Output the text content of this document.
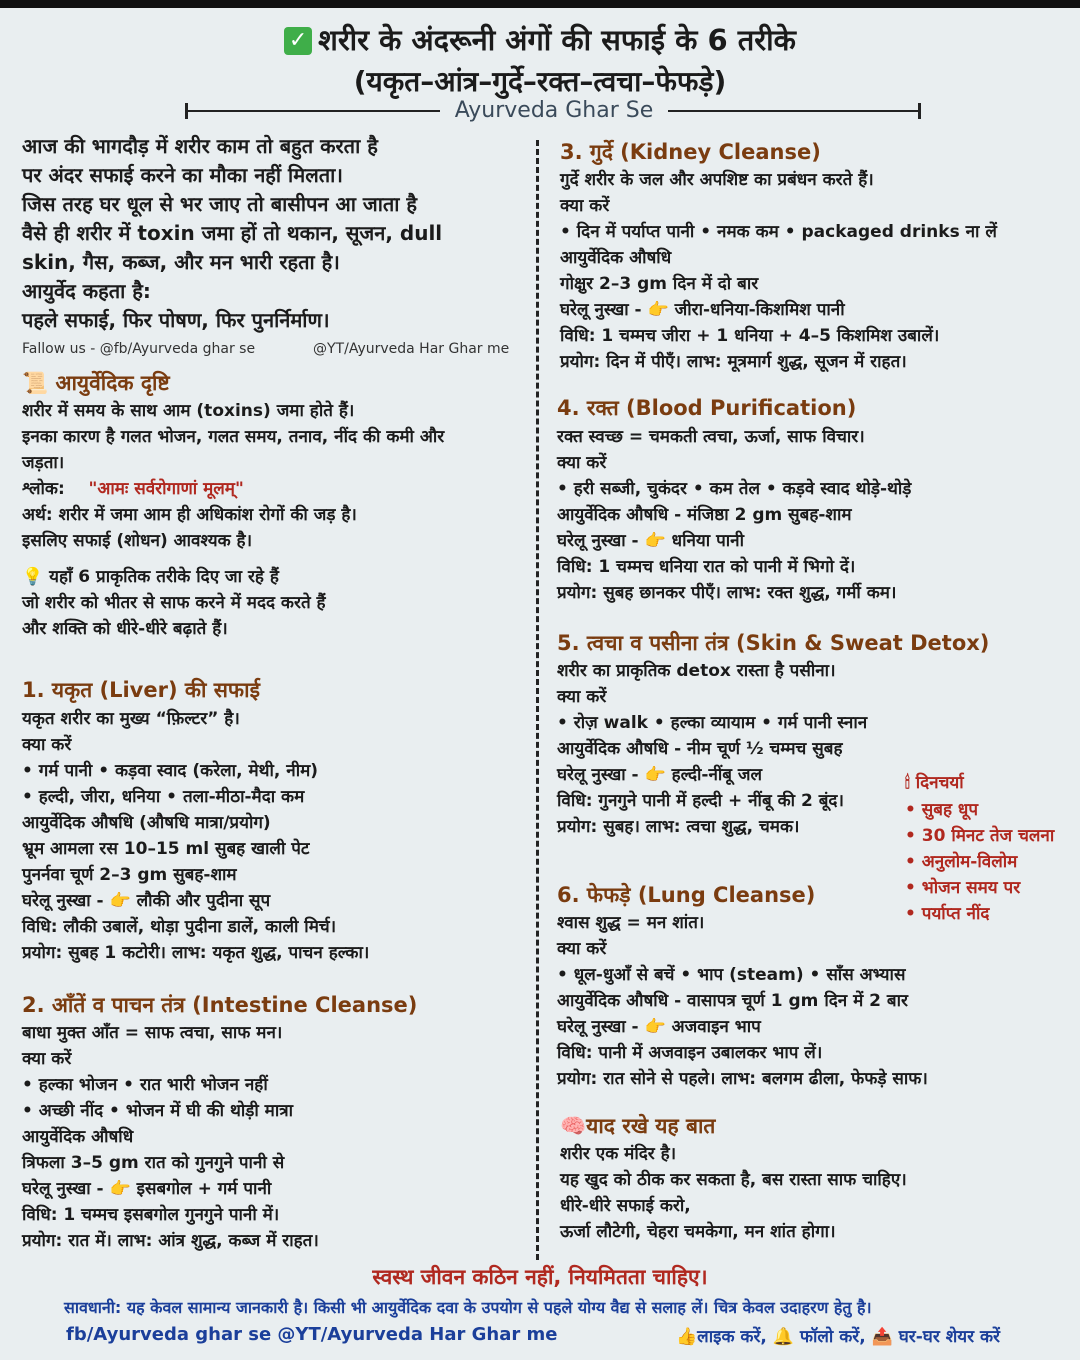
✓ शरीर के अंदरूनी अंगों की सफाई के 6 तरीके
(यकृत–आंत्र–गुर्दे–रक्त–त्वचा–फेफड़े)
Ayurveda Ghar Se
आज की भागदौड़ में शरीर काम तो बहुत करता है
पर अंदर सफाई करने का मौका नहीं मिलता।
जिस तरह घर धूल से भर जाए तो बासीपन आ जाता है
वैसे ही शरीर में toxin जमा हों तो थकान, सूजन, dull
skin, गैस, कब्ज, और मन भारी रहता है।
आयुर्वेद कहता है:
पहले सफाई, फिर पोषण, फिर पुनर्निर्माण।
Fallow us - @fb/Ayurveda ghar se	@YT/Ayurveda Har Ghar me
📜 आयुर्वेदिक दृष्टि
शरीर में समय के साथ आम (toxins) जमा होते हैं।
इनका कारण है गलत भोजन, गलत समय, तनाव, नींद की कमी और
जड़ता।
श्लोक: "आमः सर्वरोगाणां मूलम्"
अर्थ: शरीर में जमा आम ही अधिकांश रोगों की जड़ है।
इसलिए सफाई (शोधन) आवश्यक है।
💡 यहाँ 6 प्राकृतिक तरीके दिए जा रहे हैं
जो शरीर को भीतर से साफ करने में मदद करते हैं
और शक्ति को धीरे-धीरे बढ़ाते हैं।
1. यकृत (Liver) की सफाई
यकृत शरीर का मुख्य “फ़िल्टर” है।
क्या करें
• गर्म पानी • कड़वा स्वाद (करेला, मेथी, नीम)
• हल्दी, जीरा, धनिया • तला-मीठा-मैदा कम
आयुर्वेदिक औषधि (औषधि मात्रा/प्रयोग)
भ्रूम आमला रस 10–15 ml सुबह खाली पेट
पुनर्नवा चूर्ण 2–3 gm सुबह-शाम
घरेलू नुस्खा - 👉 लौकी और पुदीना सूप
विधि: लौकी उबालें, थोड़ा पुदीना डालें, काली मिर्च।
प्रयोग: सुबह 1 कटोरी। लाभ: यकृत शुद्ध, पाचन हल्का।
2. आँतें व पाचन तंत्र (Intestine Cleanse)
बाधा मुक्त आँत = साफ त्वचा, साफ मन।
क्या करें
• हल्का भोजन • रात भारी भोजन नहीं
• अच्छी नींद • भोजन में घी की थोड़ी मात्रा
आयुर्वेदिक औषधि
त्रिफला 3–5 gm रात को गुनगुने पानी से
घरेलू नुस्खा - 👉 इसबगोल + गर्म पानी
विधि: 1 चम्मच इसबगोल गुनगुने पानी में।
प्रयोग: रात में। लाभ: आंत्र शुद्ध, कब्ज में राहत।
3. गुर्दे (Kidney Cleanse)
गुर्दे शरीर के जल और अपशिष्ट का प्रबंधन करते हैं।
क्या करें
• दिन में पर्याप्त पानी • नमक कम • packaged drinks ना लें
आयुर्वेदिक औषधि
गोक्षुर 2–3 gm दिन में दो बार
घरेलू नुस्खा - 👉 जीरा-धनिया-किशमिश पानी
विधि: 1 चम्मच जीरा + 1 धनिया + 4–5 किशमिश उबालें।
प्रयोग: दिन में पीएँ। लाभ: मूत्रमार्ग शुद्ध, सूजन में राहत।
4. रक्त (Blood Purification)
रक्त स्वच्छ = चमकती त्वचा, ऊर्जा, साफ विचार।
क्या करें
• हरी सब्जी, चुकंदर • कम तेल • कड़वे स्वाद थोड़े-थोड़े
आयुर्वेदिक औषधि - मंजिष्ठा 2 gm सुबह-शाम
घरेलू नुस्खा - 👉 धनिया पानी
विधि: 1 चम्मच धनिया रात को पानी में भिगो दें।
प्रयोग: सुबह छानकर पीएँ। लाभ: रक्त शुद्ध, गर्मी कम।
5. त्वचा व पसीना तंत्र (Skin & Sweat Detox)
शरीर का प्राकृतिक detox रास्ता है पसीना।
क्या करें
• रोज़ walk • हल्का व्यायाम • गर्म पानी स्नान
आयुर्वेदिक औषधि - नीम चूर्ण ½ चम्मच सुबह
घरेलू नुस्खा - 👉 हल्दी-नींबू जल
विधि: गुनगुने पानी में हल्दी + नींबू की 2 बूंद।
प्रयोग: सुबह। लाभ: त्वचा शुद्ध, चमक।
🕯 दिनचर्या
• सुबह धूप
• 30 मिनट तेज चलना
• अनुलोम-विलोम
• भोजन समय पर
• पर्याप्त नींद
6. फेफड़े (Lung Cleanse)
श्वास शुद्ध = मन शांत।
क्या करें
• धूल-धुआँ से बचें • भाप (steam) • साँस अभ्यास
आयुर्वेदिक औषधि - वासापत्र चूर्ण 1 gm दिन में 2 बार
घरेलू नुस्खा - 👉 अजवाइन भाप
विधि: पानी में अजवाइन उबालकर भाप लें।
प्रयोग: रात सोने से पहले। लाभ: बलगम ढीला, फेफड़े साफ।
🧠याद रखे यह बात
शरीर एक मंदिर है।
यह खुद को ठीक कर सकता है, बस रास्ता साफ चाहिए।
धीरे-धीरे सफाई करो,
ऊर्जा लौटेगी, चेहरा चमकेगा, मन शांत होगा।
स्वस्थ जीवन कठिन नहीं, नियमितता चाहिए।
सावधानी: यह केवल सामान्य जानकारी है। किसी भी आयुर्वेदिक दवा के उपयोग से पहले योग्य वैद्य से सलाह लें। चित्र केवल उदाहरण हेतु है।
fb/Ayurveda ghar se @YT/Ayurveda Har Ghar me	👍लाइक करें, 🔔 फॉलो करें, 📤 घर-घर शेयर करें
